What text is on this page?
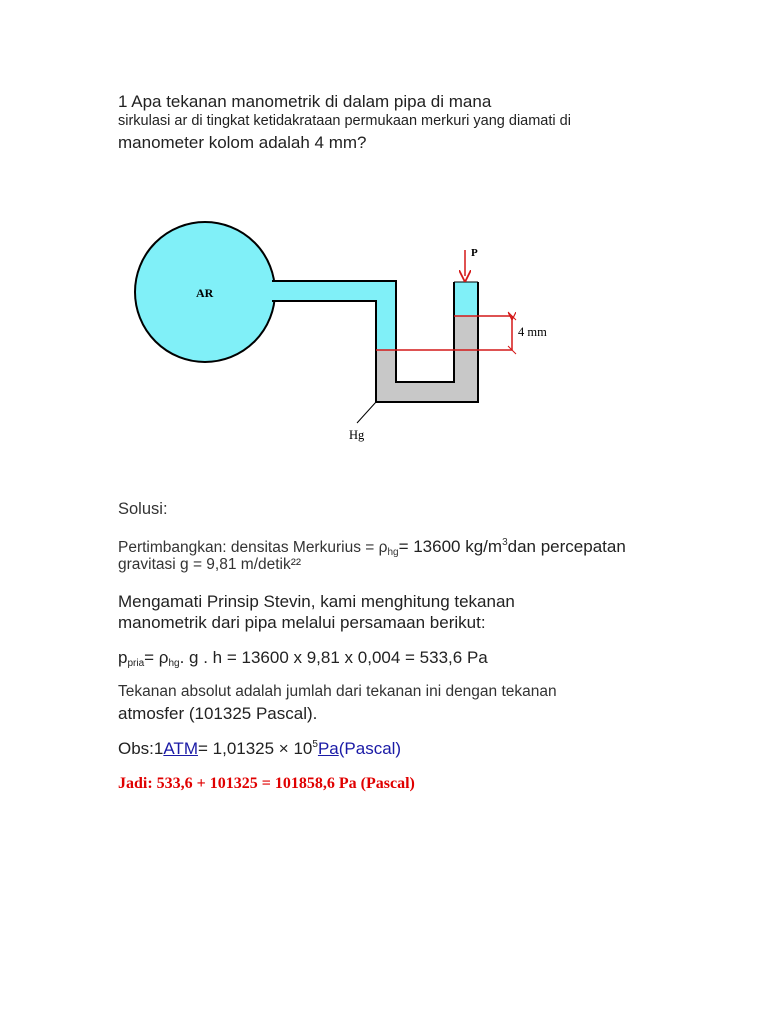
1 Apa tekanan manometrik di dalam pipa di mana
sirkulasi ar di tingkat ketidakrataan permukaan merkuri yang diamati di
manometer kolom adalah 4 mm?
AR
P
4 mm
Hg
Solusi:
Pertimbangkan: densitas Merkurius = $\rho_{hg}= 13600$ $kg/m^3dan$ percepatan
gravitasi g = 9,81 m/detik²²
Mengamati Prinsip Stevin, kami menghitung tekanan
manometrik dari pipa melalui persamaan berikut:
$p_{pria}= \rho_{hg}$. g . h = 13600 x 9,81 x 0,004 = 533,6 Pa
Tekanan absolut adalah jumlah dari tekanan ini dengan tekanan
atmosfer (101325 Pascal).
Obs:1ATM= $1,01325 \times 10^5Pa(Pascal)$
Jadi: 533,6 + 101325 = 101858,6 Pa (Pascal)
